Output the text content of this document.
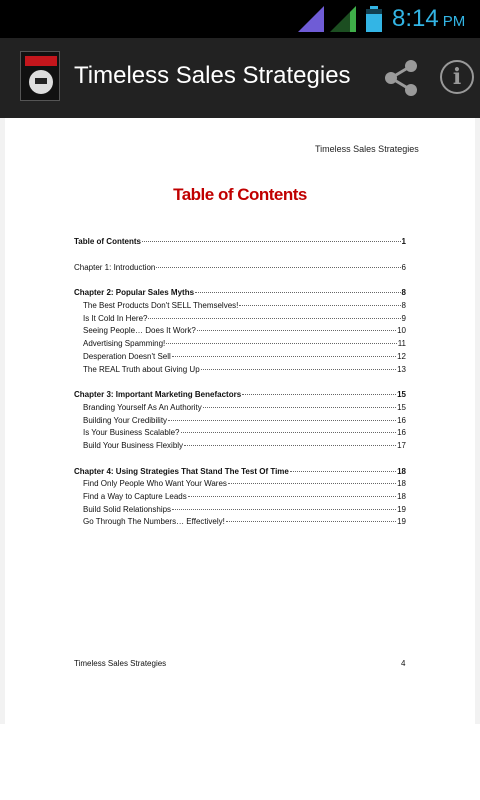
8:14 PM
Timeless Sales Strategies	i
Timeless Sales Strategies
Table of Contents
Table of Contents	1
Chapter 1: Introduction	6
Chapter 2: Popular Sales Myths	8
The Best Products Don't SELL Themselves!	8
Is It Cold In Here?	9
Seeing People… Does It Work?	10
Advertising Spamming!	11
Desperation Doesn't Sell	12
The REAL Truth about Giving Up	13
Chapter 3: Important Marketing Benefactors	15
Branding Yourself As An Authority	15
Building Your Credibility	16
Is Your Business Scalable?	16
Build Your Business Flexibly	17
Chapter 4: Using Strategies That Stand The Test Of Time	18
Find Only People Who Want Your Wares	18
Find a Way to Capture Leads	18
Build Solid Relationships	19
Go Through The Numbers… Effectively!	19
Timeless Sales Strategies	4
